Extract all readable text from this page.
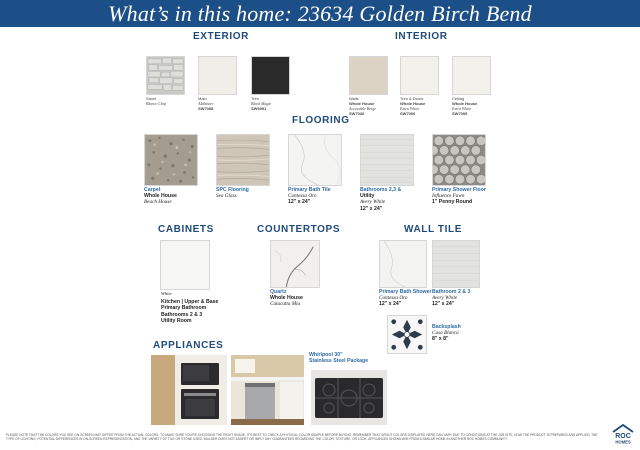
What’s in this home: 23634 Golden Birch Bend
EXTERIOR
Stone
Blanco Chip
Main
Alabaster
SW7008
Trim
Black Magic
SW6991
INTERIOR
Walls
Whole House
Accessible Beige
SW7036
Trim & Doors
Whole House
Extra White
SW7006
Ceiling
Whole House
Extra White
SW7006
FLOORING
Carpet
Whole House
Beach House
SPC Flooring
Sea Glass
Primary Bath Tile
Contessa Oro
12" x 24"
Bathrooms 2,3 &
Utility
Avery White
12" x 24"
Primary Shower Floor
Influence Fawn
1" Penny Round
CABINETS
White
Kitchen | Upper & Base
Primary Bathroom
Bathrooms 2 & 3
Utility Room
COUNTERTOPS
Quartz
Whole House
Calacatta Mia
WALL TILE
Primary Bath Shower
Contessa Oro
12" x 24"
Bathroom 2 & 3
Avery White
12" x 24"
Backsplash
Casa Blanca
8" x 8"
APPLIANCES
Whirlpool 30"
Stainless Steel Package
PLEASE NOTE THAT THE COLORS YOU SEE ON-SCREEN MAY DIFFER FROM THE ACTUAL COLORS. TO MAKE SURE YOU'RE CHOOSING THE RIGHT SHADE, IT'S BEST TO CHECK A PHYSICAL COLOR SAMPLE BEFORE BUYING. REMEMBER THAT GROUT COLORS DISPLAYED HERE CAN VARY DUE TO CONDITIONS AT THE JOB SITE, HOW THE PRODUCT IS PREPARED AND APPLIED, THE TYPE OF LIGHTING, POTENTIAL DIFFERENCES IN ON-SCREEN REPRESENTATION, AND THE VARIETY OF TILE OR STONE USED. BUILDER DOES NOT ASSERT OR IMPLY ANY GUARANTEES REGARDING THE COLOR, TEXTURE, OR LOOK. APPLIANCES SHOWN ARE FROM A SIMILAR HOME IN ANOTHER ROC HOMES COMMUNITY.	ROC
HOMES
